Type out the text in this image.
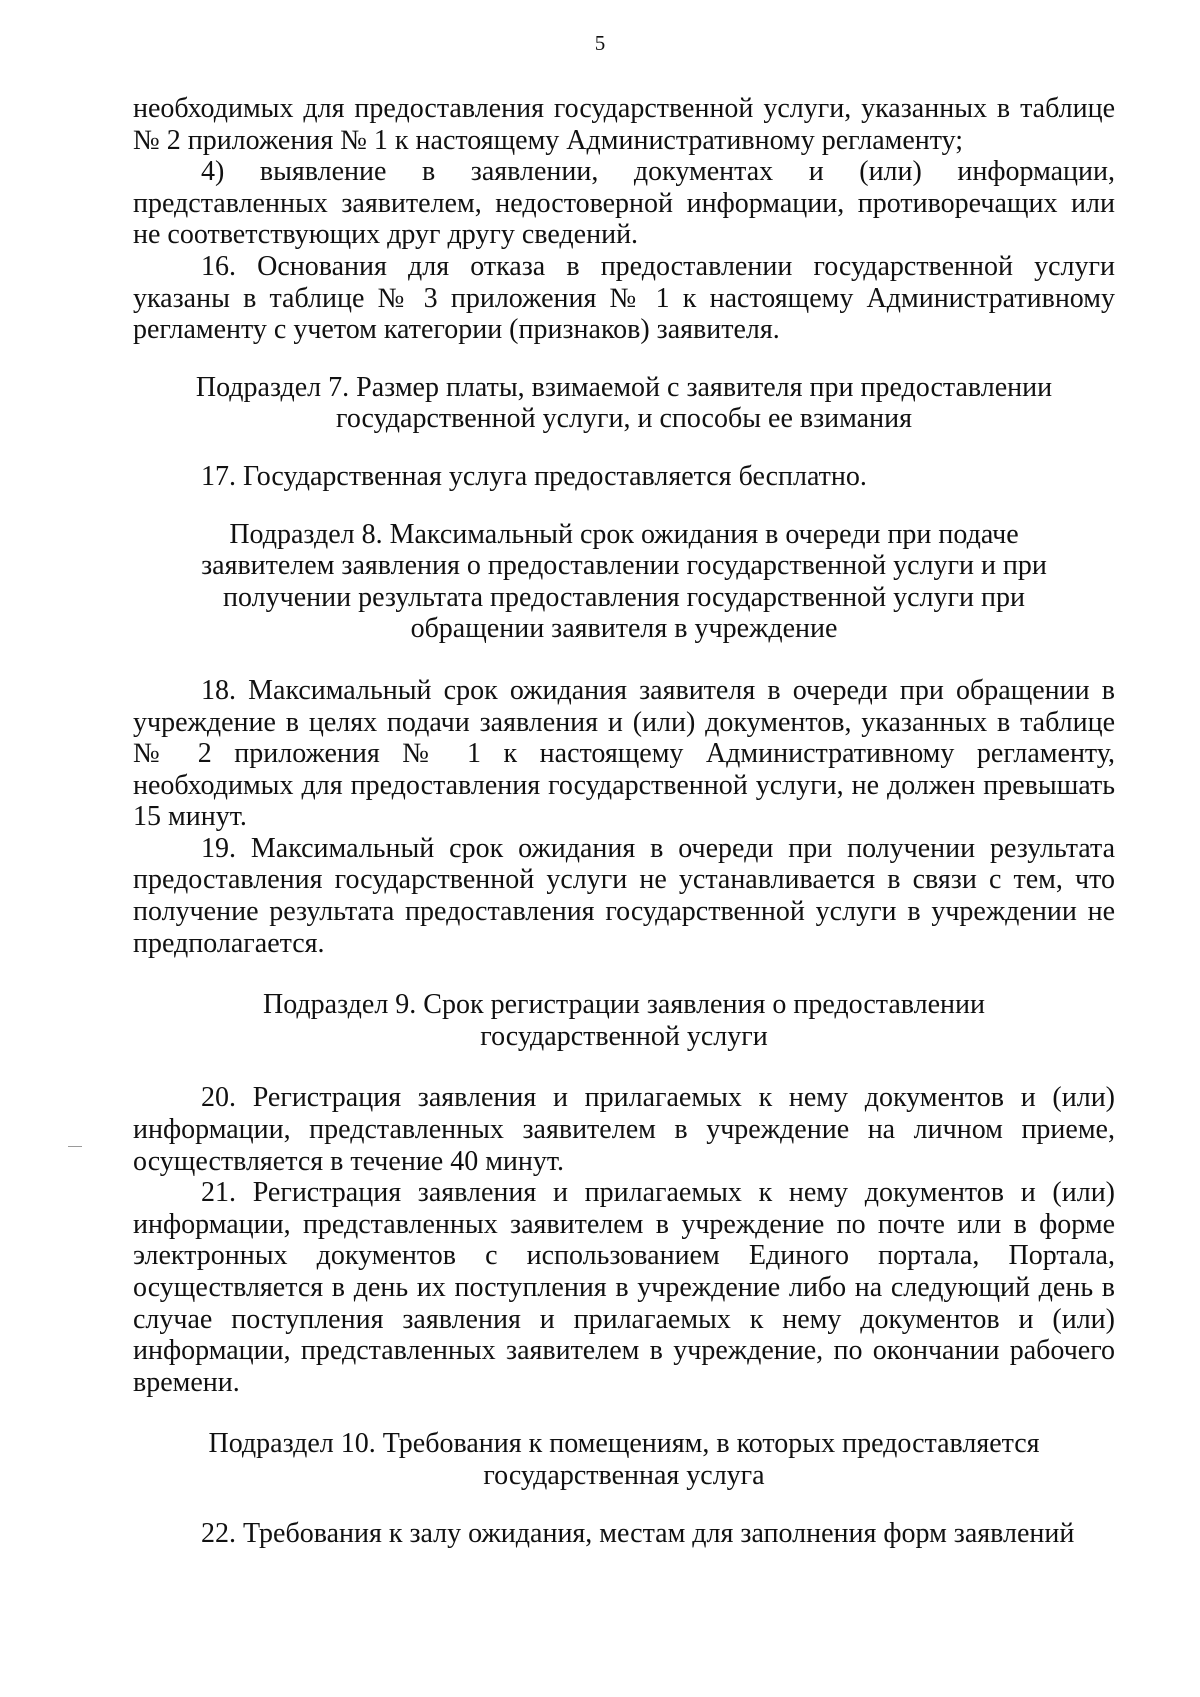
5

необходимых для предоставления государственной услуги, указанных в таблице № 2 приложения № 1 к настоящему Административному регламенту;

4) выявление в заявлении, документах и (или) информации, представленных заявителем, недостоверной информации, противоречащих или не соответствующих друг другу сведений.

16. Основания для отказа в предоставлении государственной услуги указаны в таблице № 3 приложения № 1 к настоящему Административному регламенту с учетом категории (признаков) заявителя.

Подраздел 7. Размер платы, взимаемой с заявителя при предоставлении
государственной услуги, и способы ее взимания

17. Государственная услуга предоставляется бесплатно.

Подраздел 8. Максимальный срок ожидания в очереди при подаче
заявителем заявления о предоставлении государственной услуги и при
получении результата предоставления государственной услуги при
обращении заявителя в учреждение

18. Максимальный срок ожидания заявителя в очереди при обращении в учреждение в целях подачи заявления и (или) документов, указанных в таблице № 2 приложения № 1 к настоящему Административному регламенту, необходимых для предоставления государственной услуги, не должен превышать 15 минут.

19. Максимальный срок ожидания в очереди при получении результата предоставления государственной услуги не устанавливается в связи с тем, что получение результата предоставления государственной услуги в учреждении не предполагается.

Подраздел 9. Срок регистрации заявления о предоставлении
государственной услуги

20. Регистрация заявления и прилагаемых к нему документов и (или) информации, представленных заявителем в учреждение на личном приеме, осуществляется в течение 40 минут.

21. Регистрация заявления и прилагаемых к нему документов и (или) информации, представленных заявителем в учреждение по почте или в форме электронных документов с использованием Единого портала, Портала, осуществляется в день их поступления в учреждение либо на следующий день в случае поступления заявления и прилагаемых к нему документов и (или) информации, представленных заявителем в учреждение, по окончании рабочего времени.

Подраздел 10. Требования к помещениям, в которых предоставляется
государственная услуга

22. Требования к залу ожидания, местам для заполнения форм заявлений
